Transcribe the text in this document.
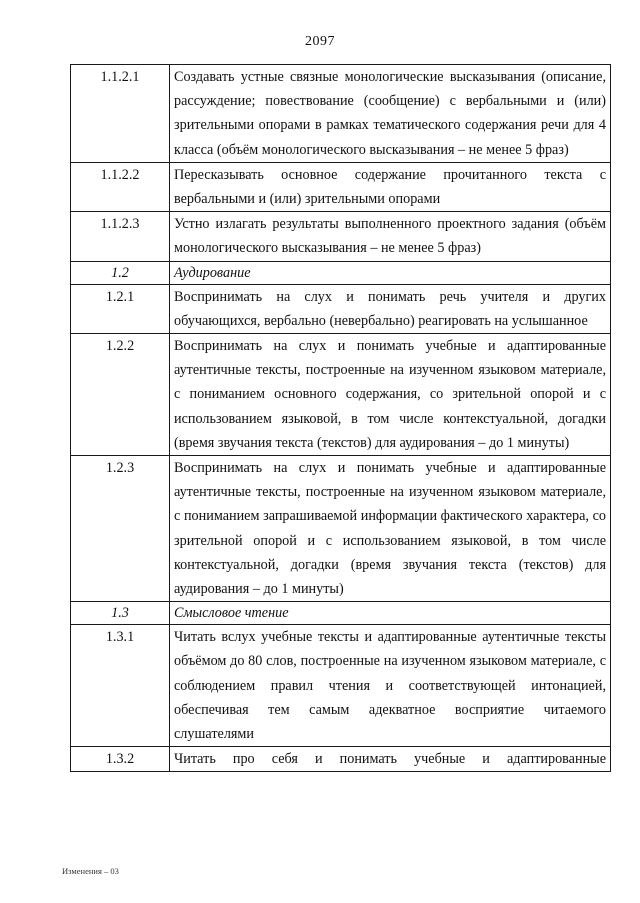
2097
1.1.2.1	Создавать устные связные монологические высказывания (описание, рассуждение; повествование (сообщение) с вербальными и (или) зрительными опорами в рамках тематического содержания речи для 4 класса (объём монологического высказывания – не менее 5 фраз)
1.1.2.2	Пересказывать основное содержание прочитанного текста с вербальными и (или) зрительными опорами
1.1.2.3	Устно излагать результаты выполненного проектного задания (объём монологического высказывания – не менее 5 фраз)
1.2	Аудирование
1.2.1	Воспринимать на слух и понимать речь учителя и других обучающихся, вербально (невербально) реагировать на услышанное
1.2.2	Воспринимать на слух и понимать учебные и адаптированные аутентичные тексты, построенные на изученном языковом материале, с пониманием основного содержания, со зрительной опорой и с использованием языковой, в том числе контекстуальной, догадки (время звучания текста (текстов) для аудирования – до 1 минуты)
1.2.3	Воспринимать на слух и понимать учебные и адаптированные аутентичные тексты, построенные на изученном языковом материале, с пониманием запрашиваемой информации фактического характера, со зрительной опорой и с использованием языковой, в том числе контекстуальной, догадки (время звучания текста (текстов) для аудирования – до 1 минуты)
1.3	Смысловое чтение
1.3.1	Читать вслух учебные тексты и адаптированные аутентичные тексты объёмом до 80 слов, построенные на изученном языковом материале, с соблюдением правил чтения и соответствующей интонацией, обеспечивая тем самым адекватное восприятие читаемого слушателями
1.3.2	Читать про себя и понимать учебные и адаптированные
Изменения – 03
